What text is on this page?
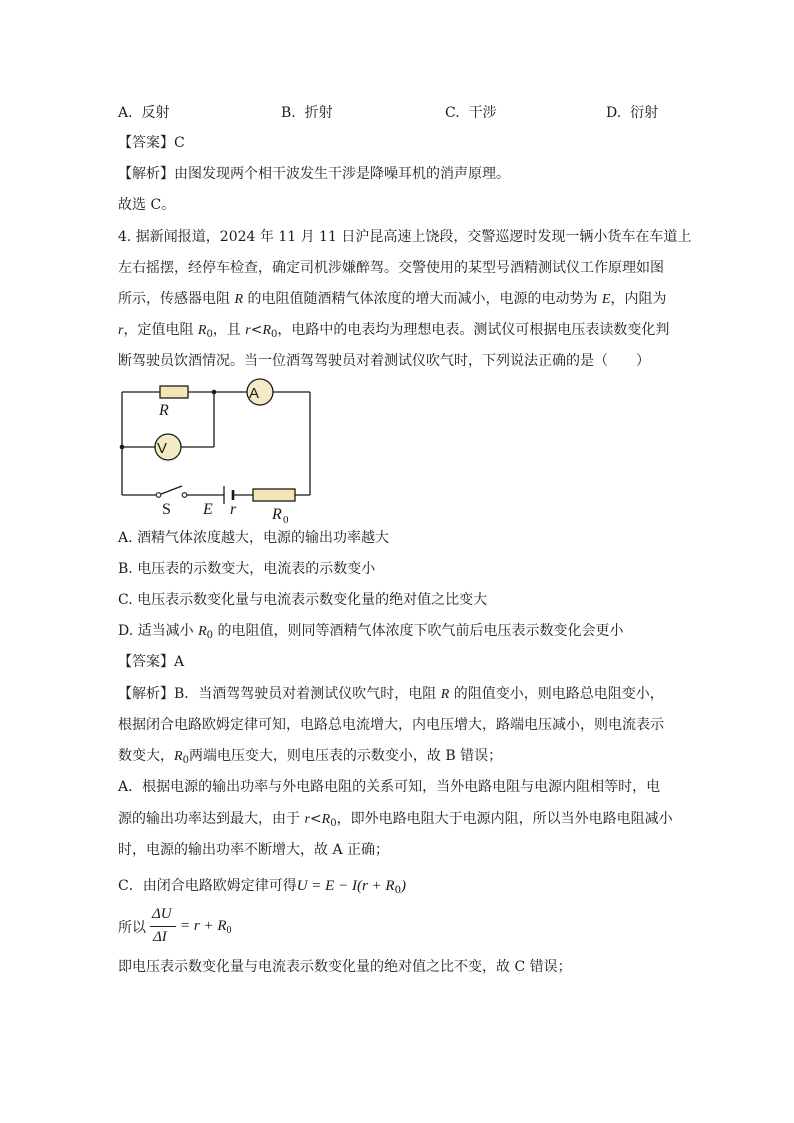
A. 反射	B. 折射	C. 干涉	D. 衍射
【答案】C
【解析】由图发现两个相干波发生干涉是降噪耳机的消声原理。
故选 C。
4. 据新闻报道，2024 年 11 月 11 日沪昆高速上饶段，交警巡逻时发现一辆小货车在车道上
左右摇摆，经停车检查，确定司机涉嫌醉驾。交警使用的某型号酒精测试仪工作原理如图
所示，传感器电阻 R 的电阻值随酒精气体浓度的增大而减小，电源的电动势为 E，内阻为
r，定值电阻 $R_0$，且 $r<R_0$，电路中的电表均为理想电表。测试仪可根据电压表读数变化判
断驾驶员饮酒情况。当一位酒驾驾驶员对着测试仪吹气时，下列说法正确的是（　　）
R
A
V
S E r R 0
A. 酒精气体浓度越大，电源的输出功率越大
B. 电压表的示数变大，电流表的示数变小
C. 电压表示数变化量与电流表示数变化量的绝对值之比变大
D. 适当减小 $R_0$ 的电阻值，则同等酒精气体浓度下吹气前后电压表示数变化会更小
【答案】A
【解析】B．当酒驾驾驶员对着测试仪吹气时，电阻 R 的阻值变小，则电路总电阻变小，
根据闭合电路欧姆定律可知，电路总电流增大，内电压增大，路端电压减小，则电流表示
数变大，$R_0$两端电压变大，则电压表的示数变小，故 B 错误；
A．根据电源的输出功率与外电路电阻的关系可知，当外电路电阻与电源内阻相等时，电
源的输出功率达到最大，由于 $r<R_0$，即外电路电阻大于电源内阻，所以当外电路电阻减小
时，电源的输出功率不断增大，故 A 正确；
C．由闭合电路欧姆定律可得$U = E - I(r + R_0)$
所以
ΔU
ΔI
= $r + R_0$
即电压表示数变化量与电流表示数变化量的绝对值之比不变，故 C 错误；
